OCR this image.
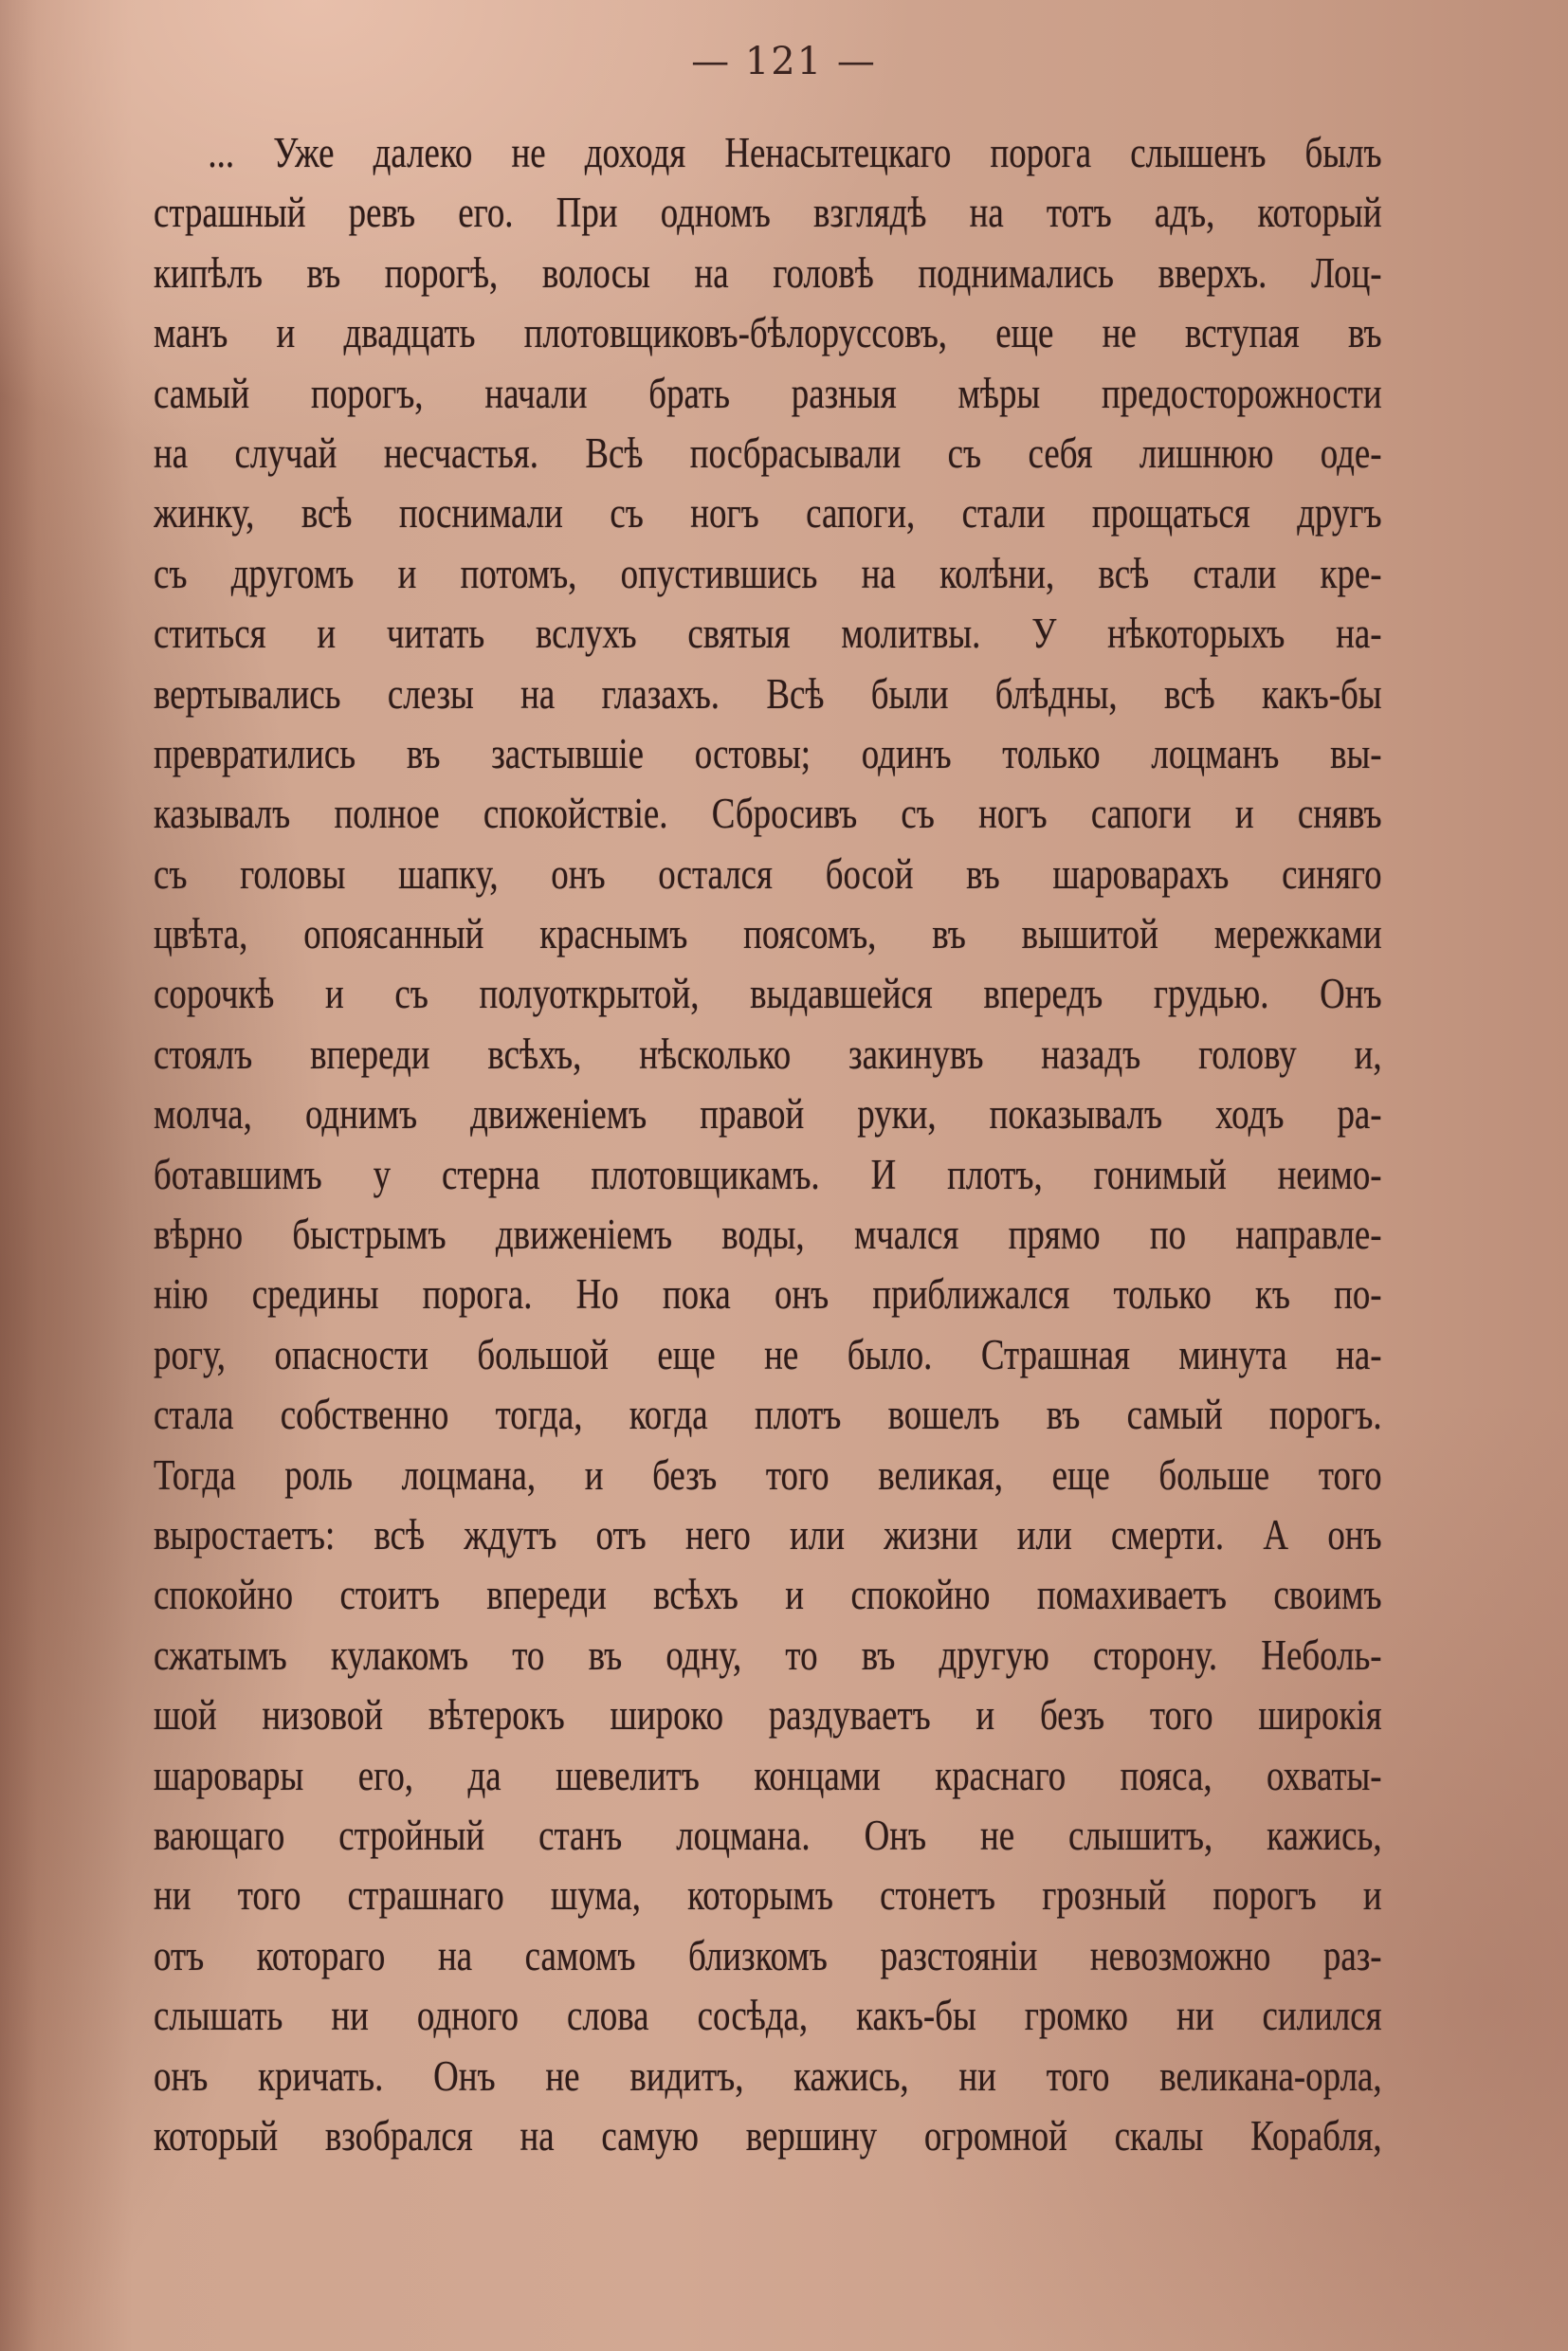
— 121 —
... Уже далеко не доходя Ненасытецкаго порога слышенъ былъ
страшный ревъ его. При одномъ взглядѣ на тотъ адъ, который
кипѣлъ въ порогѣ, волосы на головѣ поднимались вверхъ. Лоц-
манъ и двадцать плотовщиковъ-бѣлоруссовъ, еще не вступая въ
самый порогъ, начали брать разныя мѣры предосторожности
на случай несчастья. Всѣ посбрасывали съ себя лишнюю оде-
жинку, всѣ поснимали съ ногъ сапоги, стали прощаться другъ
съ другомъ и потомъ, опустившись на колѣни, всѣ стали кре-
ститься и читать вслухъ святыя молитвы. У нѣкоторыхъ на-
вертывались слезы на глазахъ. Всѣ были блѣдны, всѣ какъ-бы
превратились въ застывшіе остовы; одинъ только лоцманъ вы-
казывалъ полное спокойствіе. Сбросивъ съ ногъ сапоги и снявъ
съ головы шапку, онъ остался босой въ шароварахъ синяго
цвѣта, опоясанный краснымъ поясомъ, въ вышитой мережками
сорочкѣ и съ полуоткрытой, выдавшейся впередъ грудью. Онъ
стоялъ впереди всѣхъ, нѣсколько закинувъ назадъ голову и,
молча, однимъ движеніемъ правой руки, показывалъ ходъ ра-
ботавшимъ у стерна плотовщикамъ. И плотъ, гонимый неимо-
вѣрно быстрымъ движеніемъ воды, мчался прямо по направле-
нію средины порога. Но пока онъ приближался только къ по-
рогу, опасности большой еще не было. Страшная минута на-
стала собственно тогда, когда плотъ вошелъ въ самый порогъ.
Тогда роль лоцмана, и безъ того великая, еще больше того
выростаетъ: всѣ ждутъ отъ него или жизни или смерти. А онъ
спокойно стоитъ впереди всѣхъ и спокойно помахиваетъ своимъ
сжатымъ кулакомъ то въ одну, то въ другую сторону. Неболь-
шой низовой вѣтерокъ широко раздуваетъ и безъ того широкія
шаровары его, да шевелитъ концами краснаго пояса, охваты-
вающаго стройный станъ лоцмана. Онъ не слышитъ, кажись,
ни того страшнаго шума, которымъ стонетъ грозный порогъ и
отъ котораго на самомъ близкомъ разстояніи невозможно раз-
слышать ни одного слова сосѣда, какъ-бы громко ни силился
онъ кричать. Онъ не видитъ, кажись, ни того великана-орла,
который взобрался на самую вершину огромной скалы Корабля,
